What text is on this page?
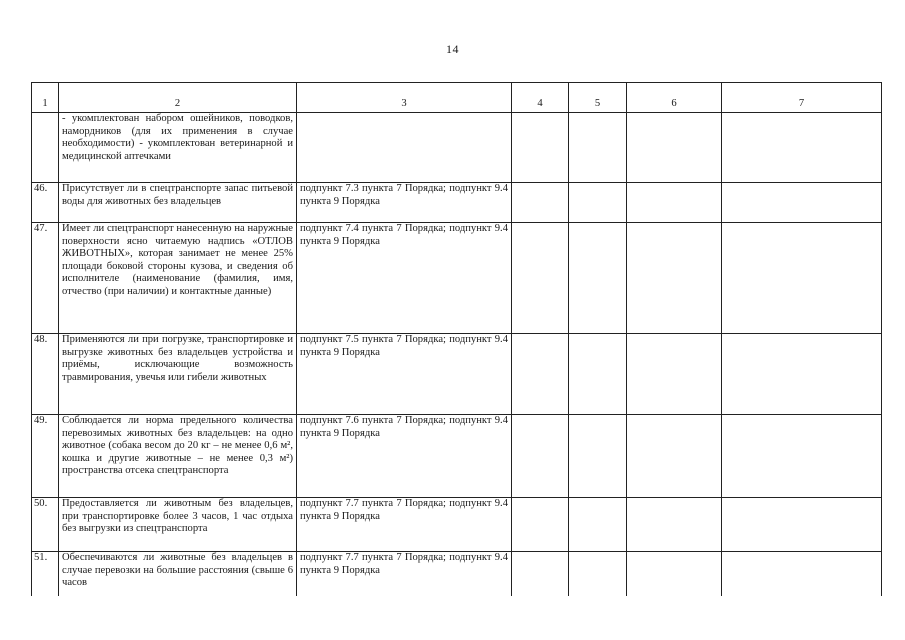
14
1	2	3	4	5	6	7
	- укомплектован набором ошейников, поводков, намордников (для их применения в случае необходимости) - укомплектован ветеринарной и медицинской аптечками					
46.	Присутствует ли в спецтранспорте запас питьевой воды для животных без владельцев	подпункт 7.3 пункта 7 Порядка; подпункт 9.4 пункта 9 Порядка				
47.	Имеет ли спецтранспорт нанесенную на наружные поверхности ясно читаемую надпись «ОТЛОВ ЖИВОТНЫХ», которая занимает не менее 25% площади боковой стороны кузова, и сведения об исполнителе (наименование (фамилия, имя, отчество (при наличии) и контактные данные)	подпункт 7.4 пункта 7 Порядка; подпункт 9.4 пункта 9 Порядка				
48.	Применяются ли при погрузке, транспортировке и выгрузке животных без владельцев устройства и приёмы, исключающие возможность травмирования, увечья или гибели животных	подпункт 7.5 пункта 7 Порядка; подпункт 9.4 пункта 9 Порядка				
49.	Соблюдается ли норма предельного количества перевозимых животных без владельцев: на одно животное (собака весом до 20 кг – не менее 0,6 м², кошка и другие животные – не менее 0,3 м²) пространства отсека спецтранспорта	подпункт 7.6 пункта 7 Порядка; подпункт 9.4 пункта 9 Порядка				
50.	Предоставляется ли животным без владельцев, при транспортировке более 3 часов, 1 час отдыха без выгрузки из спецтранспорта	подпункт 7.7 пункта 7 Порядка; подпункт 9.4 пункта 9 Порядка				
51.	Обеспечиваются ли животные без владельцев в случае перевозки на большие расстояния (свыше 6 часов	подпункт 7.7 пункта 7 Порядка; подпункт 9.4 пункта 9 Порядка				
